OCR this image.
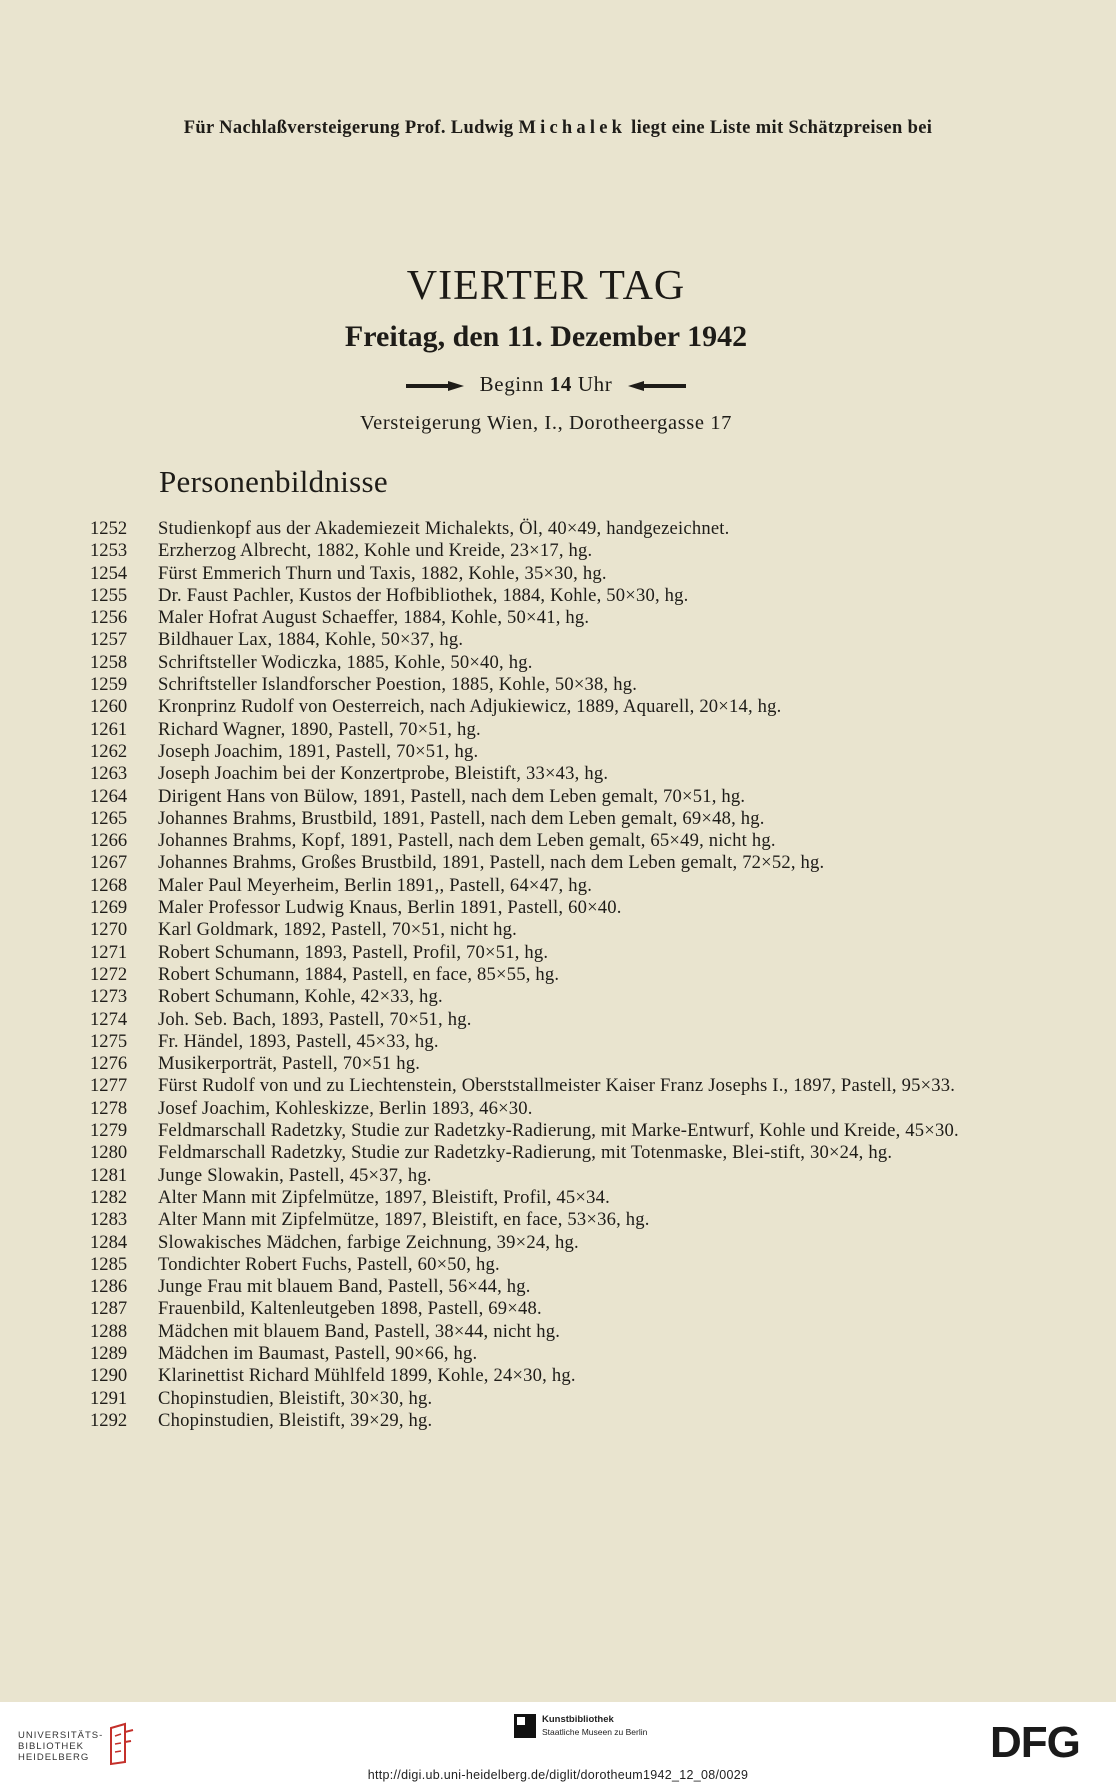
Für Nachlaßversteigerung Prof. Ludwig Michalek liegt eine Liste mit Schätzpreisen bei
VIERTER TAG
Freitag, den 11. Dezember 1942
Beginn 14 Uhr
Versteigerung Wien, I., Dorotheergasse 17
Personenbildnisse
1252	Studienkopf aus der Akademiezeit Michalekts, Öl, 40×49, handgezeichnet.
1253	Erzherzog Albrecht, 1882, Kohle und Kreide, 23×17, hg.
1254	Fürst Emmerich Thurn und Taxis, 1882, Kohle, 35×30, hg.
1255	Dr. Faust Pachler, Kustos der Hofbibliothek, 1884, Kohle, 50×30, hg.
1256	Maler Hofrat August Schaeffer, 1884, Kohle, 50×41, hg.
1257	Bildhauer Lax, 1884, Kohle, 50×37, hg.
1258	Schriftsteller Wodiczka, 1885, Kohle, 50×40, hg.
1259	Schriftsteller Islandforscher Poestion, 1885, Kohle, 50×38, hg.
1260	Kronprinz Rudolf von Oesterreich, nach Adjukiewicz, 1889, Aquarell, 20×14, hg.
1261	Richard Wagner, 1890, Pastell, 70×51, hg.
1262	Joseph Joachim, 1891, Pastell, 70×51, hg.
1263	Joseph Joachim bei der Konzertprobe, Bleistift, 33×43, hg.
1264	Dirigent Hans von Bülow, 1891, Pastell, nach dem Leben gemalt, 70×51, hg.
1265	Johannes Brahms, Brustbild, 1891, Pastell, nach dem Leben gemalt, 69×48, hg.
1266	Johannes Brahms, Kopf, 1891, Pastell, nach dem Leben gemalt, 65×49, nicht hg.
1267	Johannes Brahms, Großes Brustbild, 1891, Pastell, nach dem Leben gemalt, 72×52, hg.
1268	Maler Paul Meyerheim, Berlin 1891,, Pastell, 64×47, hg.
1269	Maler Professor Ludwig Knaus, Berlin 1891, Pastell, 60×40.
1270	Karl Goldmark, 1892, Pastell, 70×51, nicht hg.
1271	Robert Schumann, 1893, Pastell, Profil, 70×51, hg.
1272	Robert Schumann, 1884, Pastell, en face, 85×55, hg.
1273	Robert Schumann, Kohle, 42×33, hg.
1274	Joh. Seb. Bach, 1893, Pastell, 70×51, hg.
1275	Fr. Händel, 1893, Pastell, 45×33, hg.
1276	Musikerporträt, Pastell, 70×51 hg.
1277	Fürst Rudolf von und zu Liechtenstein, Oberststallmeister Kaiser Franz Josephs I., 1897, Pastell, 95×33.
1278	Josef Joachim, Kohleskizze, Berlin 1893, 46×30.
1279	Feldmarschall Radetzky, Studie zur Radetzky-Radierung, mit Marke-Entwurf, Kohle und Kreide, 45×30.
1280	Feldmarschall Radetzky, Studie zur Radetzky-Radierung, mit Totenmaske, Blei-stift, 30×24, hg.
1281	Junge Slowakin, Pastell, 45×37, hg.
1282	Alter Mann mit Zipfelmütze, 1897, Bleistift, Profil, 45×34.
1283	Alter Mann mit Zipfelmütze, 1897, Bleistift, en face, 53×36, hg.
1284	Slowakisches Mädchen, farbige Zeichnung, 39×24, hg.
1285	Tondichter Robert Fuchs, Pastell, 60×50, hg.
1286	Junge Frau mit blauem Band, Pastell, 56×44, hg.
1287	Frauenbild, Kaltenleutgeben 1898, Pastell, 69×48.
1288	Mädchen mit blauem Band, Pastell, 38×44, nicht hg.
1289	Mädchen im Baumast, Pastell, 90×66, hg.
1290	Klarinettist Richard Mühlfeld 1899, Kohle, 24×30, hg.
1291	Chopinstudien, Bleistift, 30×30, hg.
1292	Chopinstudien, Bleistift, 39×29, hg.
UNIVERSITÄTS-
BIBLIOTHEK
HEIDELBERG
Kunstbibliothek
Staatliche Museen zu Berlin	DFG
http://digi.ub.uni-heidelberg.de/diglit/dorotheum1942_12_08/0029
